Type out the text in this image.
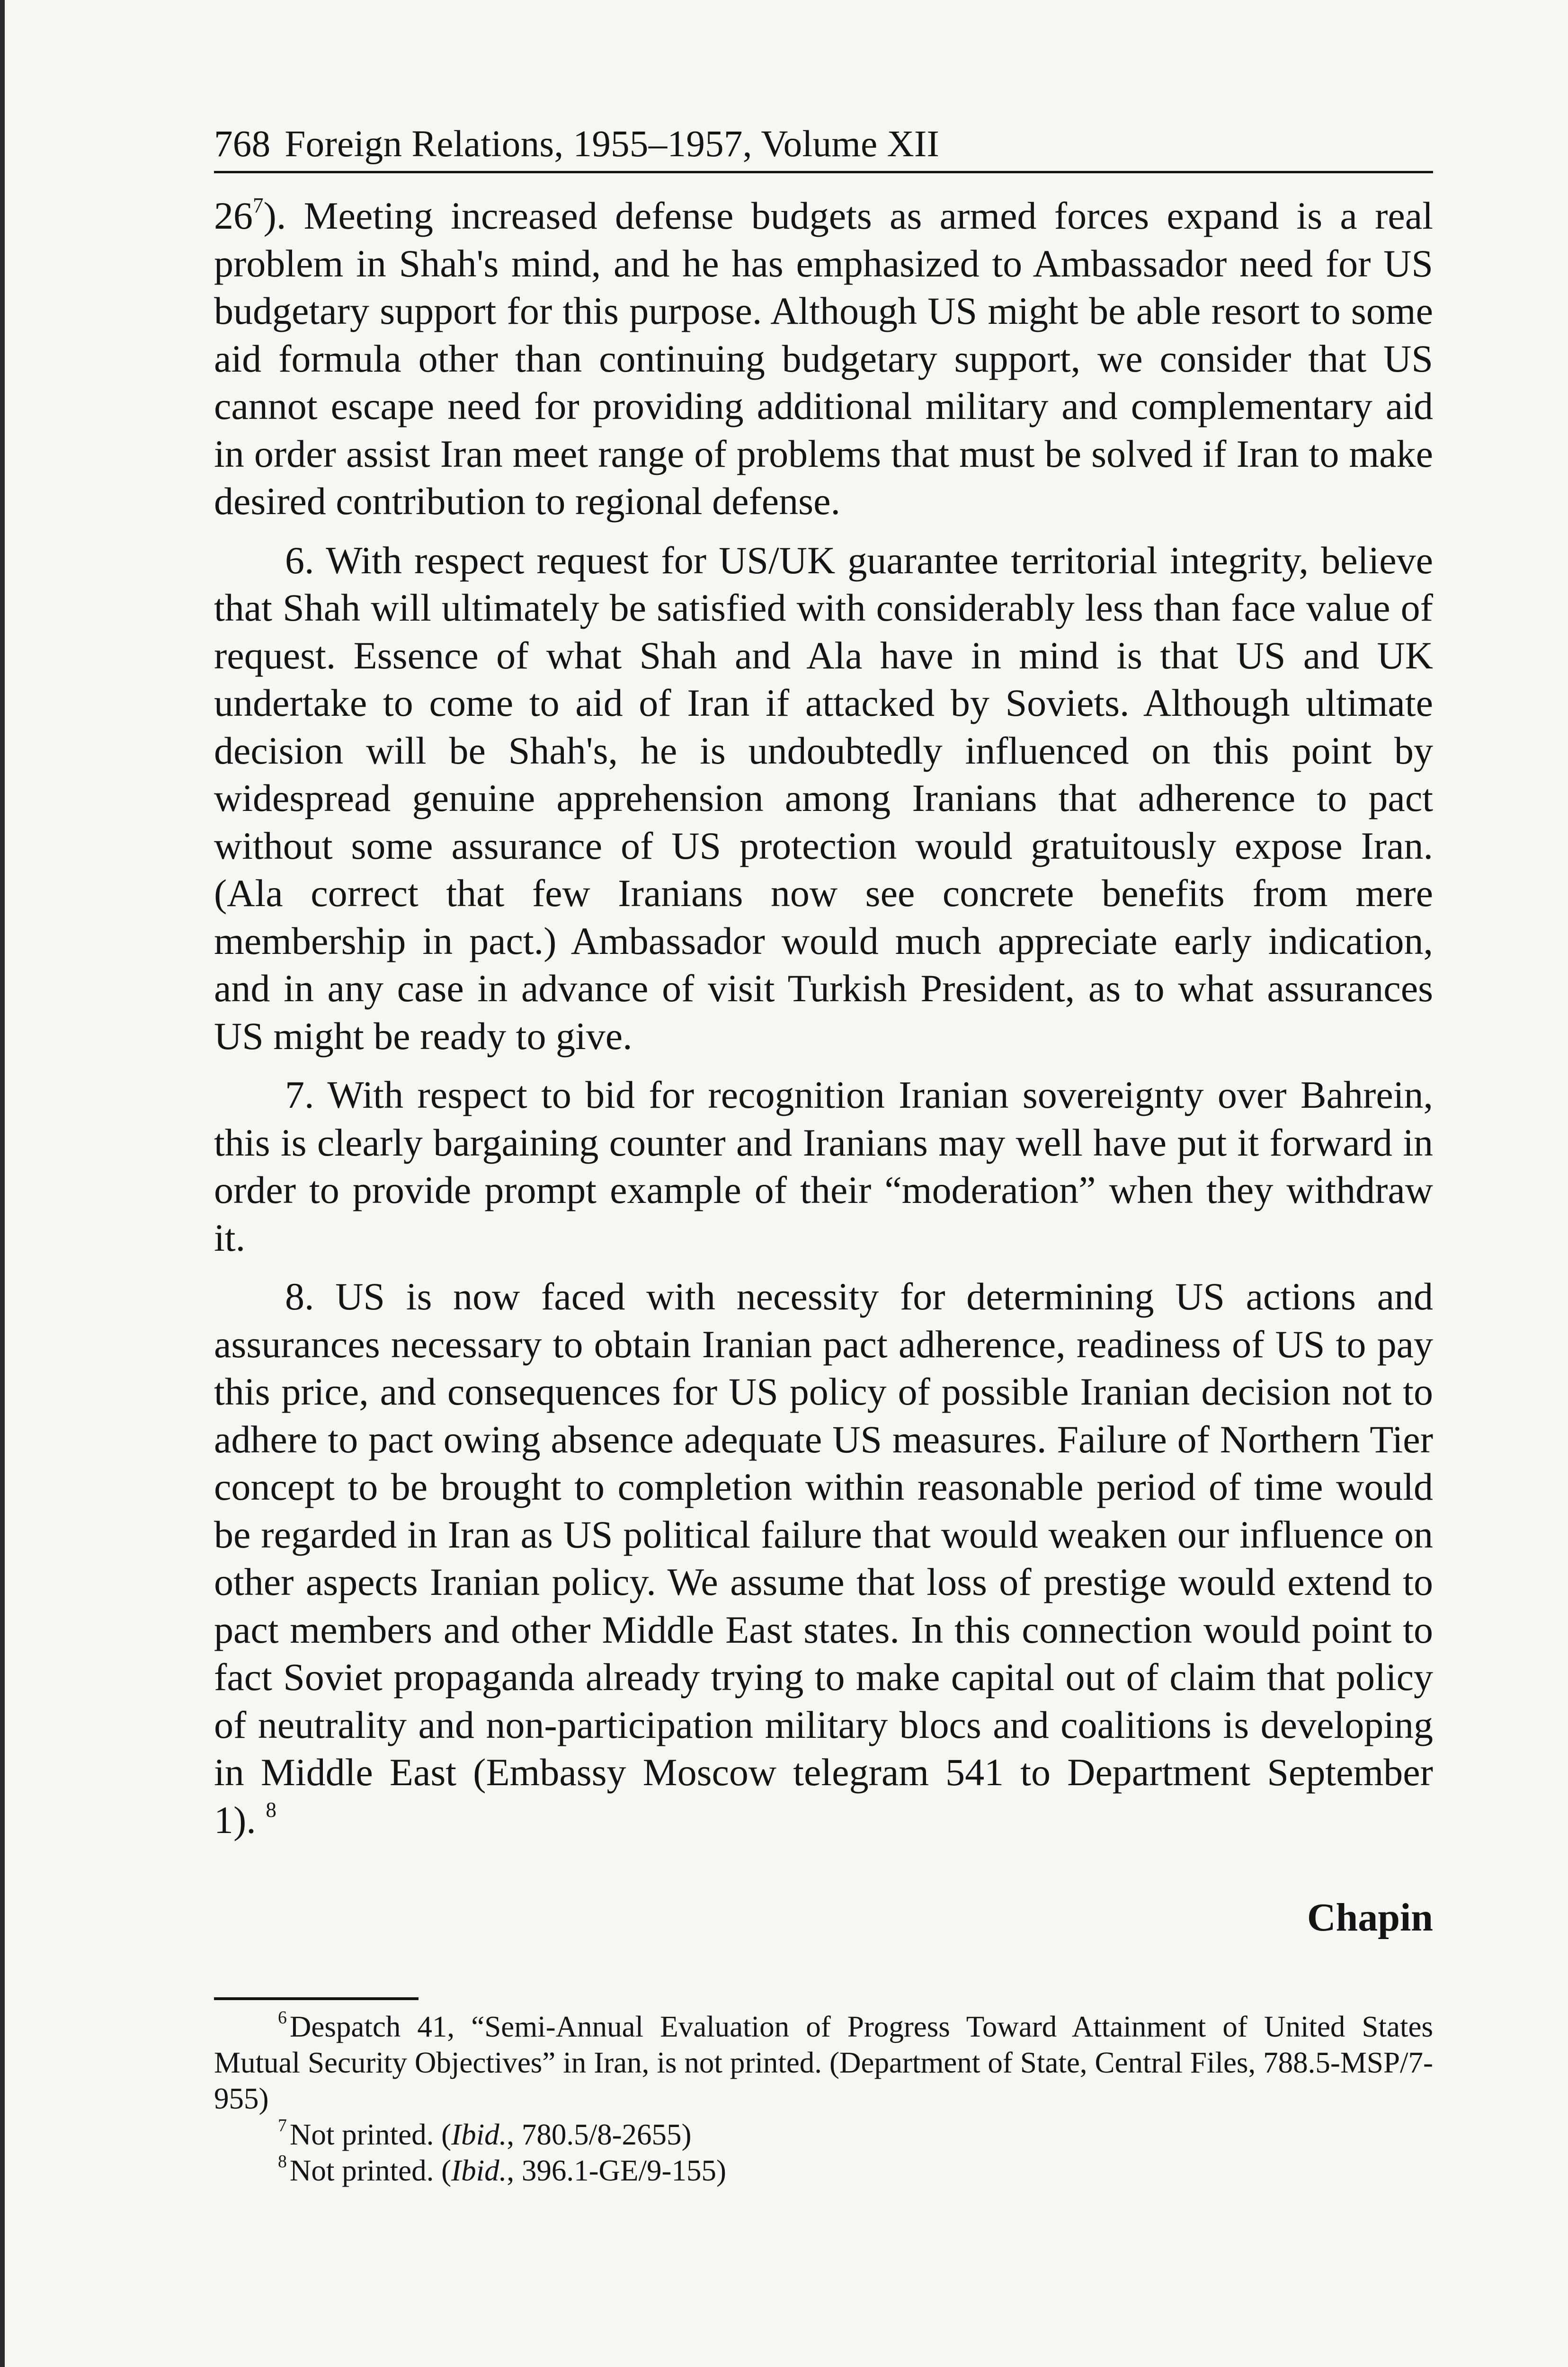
768 Foreign Relations, 1955–1957, Volume XII

$26^7$). Meeting increased defense budgets as armed forces expand is a real problem in Shah's mind, and he has emphasized to Ambassador need for US budgetary support for this purpose. Although US might be able resort to some aid formula other than continuing budgetary support, we consider that US cannot escape need for providing additional military and complementary aid in order assist Iran meet range of problems that must be solved if Iran to make desired contribution to regional defense.

6. With respect request for US/UK guarantee territorial integrity, believe that Shah will ultimately be satisfied with considerably less than face value of request. Essence of what Shah and Ala have in mind is that US and UK undertake to come to aid of Iran if attacked by Soviets. Although ultimate decision will be Shah's, he is undoubtedly influenced on this point by widespread genuine apprehension among Iranians that adherence to pact without some assurance of US protection would gratuitously expose Iran. (Ala correct that few Iranians now see concrete benefits from mere membership in pact.) Ambassador would much appreciate early indication, and in any case in advance of visit Turkish President, as to what assurances US might be ready to give.

7. With respect to bid for recognition Iranian sovereignty over Bahrein, this is clearly bargaining counter and Iranians may well have put it forward in order to provide prompt example of their “moderation” when they withdraw it.

8. US is now faced with necessity for determining US actions and assurances necessary to obtain Iranian pact adherence, readiness of US to pay this price, and consequences for US policy of possible Iranian decision not to adhere to pact owing absence adequate US measures. Failure of Northern Tier concept to be brought to completion within reasonable period of time would be regarded in Iran as US political failure that would weaken our influence on other aspects Iranian policy. We assume that loss of prestige would extend to pact members and other Middle East states. In this connection would point to fact Soviet propaganda already trying to make capital out of claim that policy of neutrality and non-participation military blocs and coalitions is developing in Middle East (Embassy Moscow telegram 541 to Department September 1). $^8$

Chapin

$^6$Despatch 41, “Semi-Annual Evaluation of Progress Toward Attainment of United States Mutual Security Objectives” in Iran, is not printed. (Department of State, Central Files, 788.5-MSP/7-955)

$^7$Not printed. (Ibid., 780.5/8-2655)

$^8$Not printed. (Ibid., 396.1-GE/9-155)
